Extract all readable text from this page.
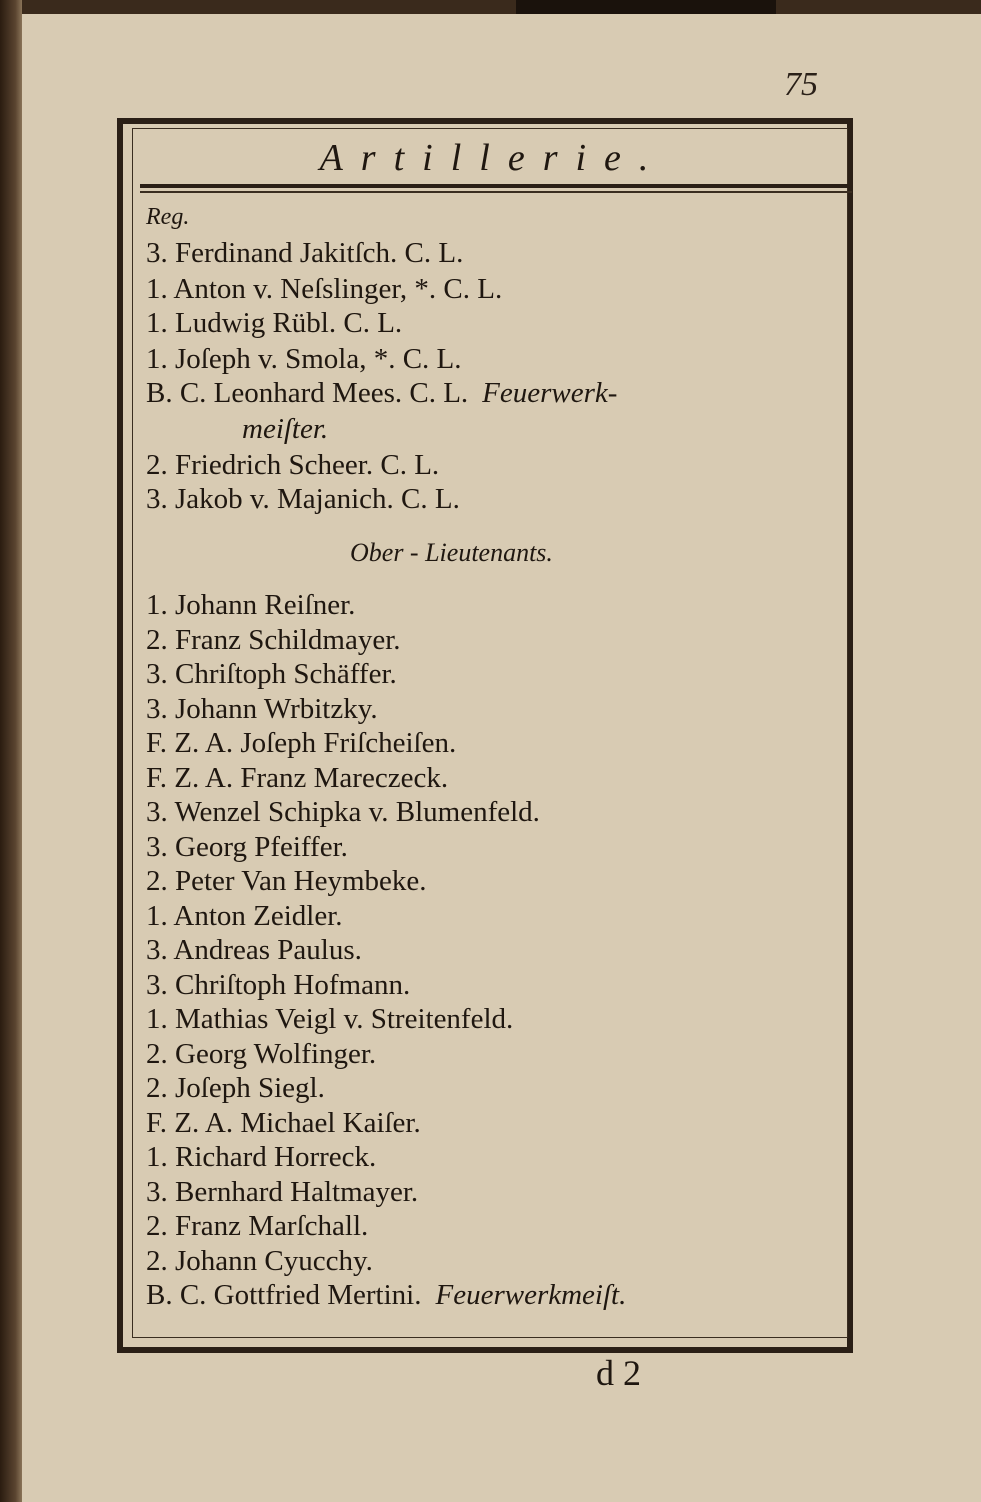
75
Artillerie.
Reg.
3. Ferdinand Jakitſch. C. L.
1. Anton v. Neſslinger, *. C. L.
1. Ludwig Rübl. C. L.
1. Joſeph v. Smola, *. C. L.
B. C. Leonhard Mees. C. L. Feuerwerk-
2. Friedrich Scheer. C. L.
3. Jakob v. Majanich. C. L.
meiſter.
Ober - Lieutenants.
1. Johann Reiſner.
2. Franz Schildmayer.
3. Chriſtoph Schäffer.
3. Johann Wrbitzky.
F. Z. A. Joſeph Friſcheiſen.
F. Z. A. Franz Mareczeck.
3. Wenzel Schipka v. Blumenfeld.
3. Georg Pfeiffer.
2. Peter Van Heymbeke.
1. Anton Zeidler.
3. Andreas Paulus.
3. Chriſtoph Hofmann.
1. Mathias Veigl v. Streitenfeld.
2. Georg Wolfinger.
2. Joſeph Siegl.
F. Z. A. Michael Kaiſer.
1. Richard Horreck.
3. Bernhard Haltmayer.
2. Franz Marſchall.
2. Johann Cyucchy.
B. C. Gottfried Mertini. Feuerwerkmeiſt.
d 2
